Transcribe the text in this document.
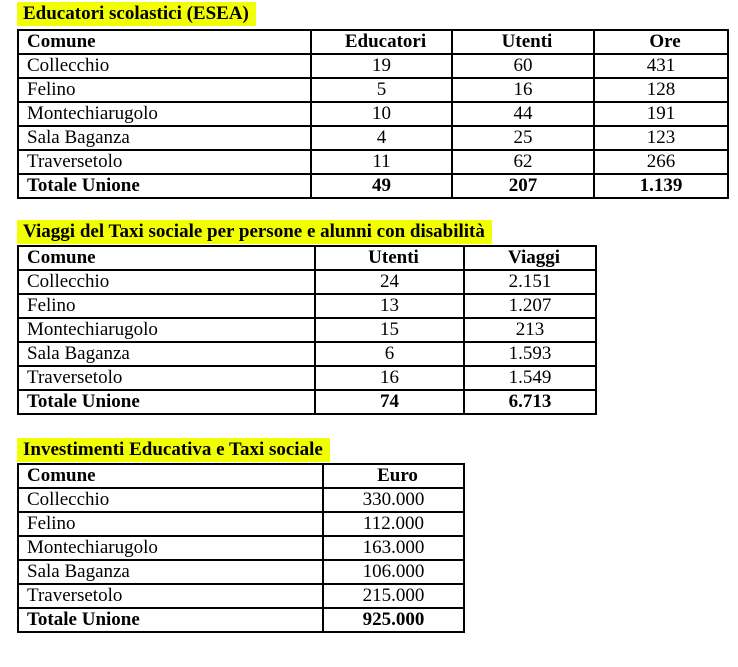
Educatori scolastici (ESEA)
Comune	Educatori	Utenti	Ore
Collecchio	19	60	431
Felino	5	16	128
Montechiarugolo	10	44	191
Sala Baganza	4	25	123
Traversetolo	11	62	266
Totale Unione	49	207	1.139
Viaggi del Taxi sociale per persone e alunni con disabilità
Comune	Utenti	Viaggi
Collecchio	24	2.151
Felino	13	1.207
Montechiarugolo	15	213
Sala Baganza	6	1.593
Traversetolo	16	1.549
Totale Unione	74	6.713
Investimenti Educativa e Taxi sociale
Comune	Euro
Collecchio	330.000
Felino	112.000
Montechiarugolo	163.000
Sala Baganza	106.000
Traversetolo	215.000
Totale Unione	925.000
